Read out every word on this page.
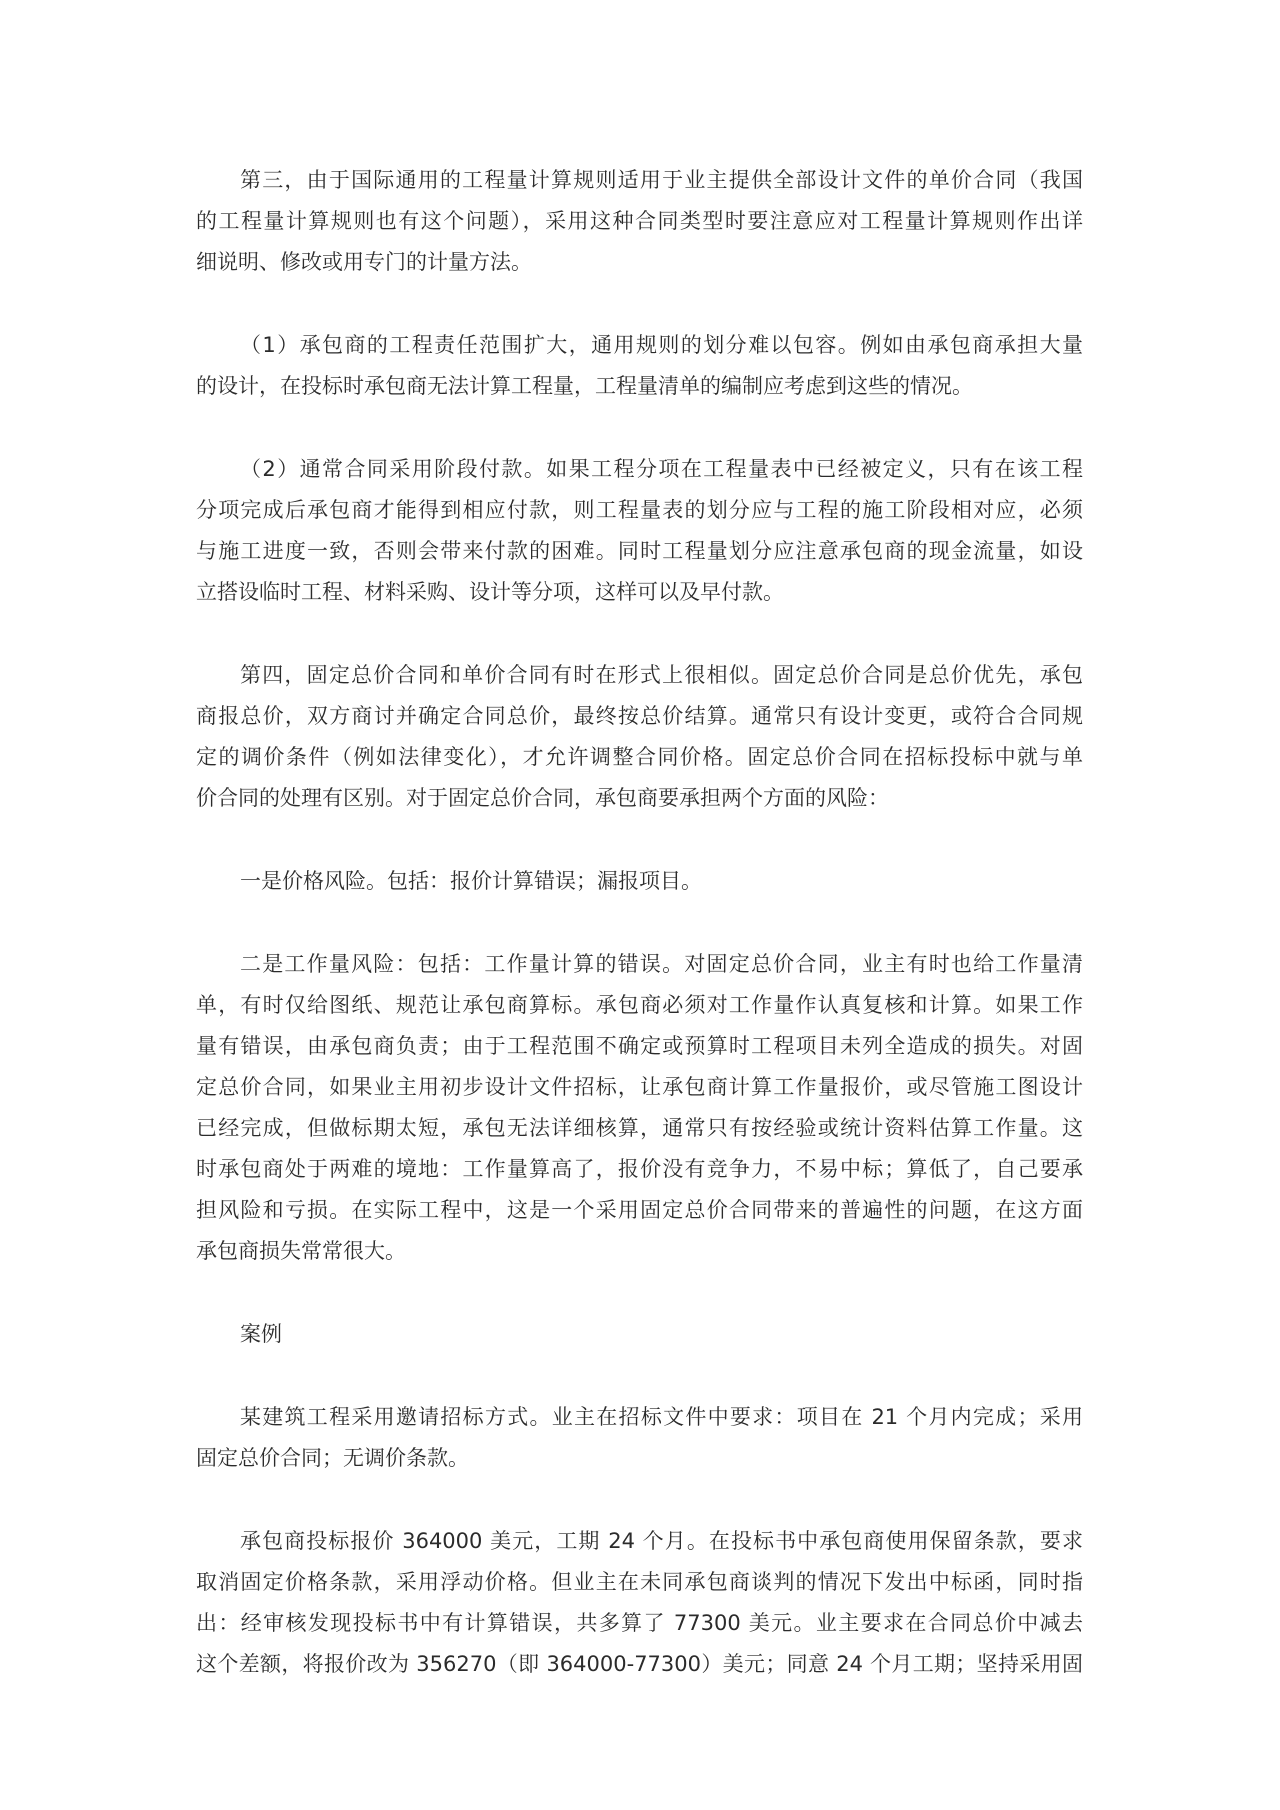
第三，由于国际通用的工程量计算规则适用于业主提供全部设计文件的单价合同（我国
的工程量计算规则也有这个问题），采用这种合同类型时要注意应对工程量计算规则作出详
细说明、修改或用专门的计量方法。
（1）承包商的工程责任范围扩大，通用规则的划分难以包容。例如由承包商承担大量
的设计，在投标时承包商无法计算工程量，工程量清单的编制应考虑到这些的情况。
（2）通常合同采用阶段付款。如果工程分项在工程量表中已经被定义，只有在该工程
分项完成后承包商才能得到相应付款，则工程量表的划分应与工程的施工阶段相对应，必须
与施工进度一致，否则会带来付款的困难。同时工程量划分应注意承包商的现金流量，如设
立搭设临时工程、材料采购、设计等分项，这样可以及早付款。
第四，固定总价合同和单价合同有时在形式上很相似。固定总价合同是总价优先，承包
商报总价，双方商讨并确定合同总价，最终按总价结算。通常只有设计变更，或符合合同规
定的调价条件（例如法律变化），才允许调整合同价格。固定总价合同在招标投标中就与单
价合同的处理有区别。对于固定总价合同，承包商要承担两个方面的风险：
一是价格风险。包括：报价计算错误；漏报项目。
二是工作量风险：包括：工作量计算的错误。对固定总价合同，业主有时也给工作量清
单，有时仅给图纸、规范让承包商算标。承包商必须对工作量作认真复核和计算。如果工作
量有错误，由承包商负责；由于工程范围不确定或预算时工程项目未列全造成的损失。对固
定总价合同，如果业主用初步设计文件招标，让承包商计算工作量报价，或尽管施工图设计
已经完成，但做标期太短，承包无法详细核算，通常只有按经验或统计资料估算工作量。这
时承包商处于两难的境地：工作量算高了，报价没有竞争力，不易中标；算低了，自己要承
担风险和亏损。在实际工程中，这是一个采用固定总价合同带来的普遍性的问题，在这方面
承包商损失常常很大。
案例
某建筑工程采用邀请招标方式。业主在招标文件中要求：项目在 21 个月内完成；采用
固定总价合同；无调价条款。
承包商投标报价 364000 美元，工期 24 个月。在投标书中承包商使用保留条款，要求
取消固定价格条款，采用浮动价格。但业主在未同承包商谈判的情况下发出中标函，同时指
出：经审核发现投标书中有计算错误，共多算了 77300 美元。业主要求在合同总价中减去
这个差额，将报价改为 356270（即 364000-77300）美元；同意 24 个月工期；坚持采用固
